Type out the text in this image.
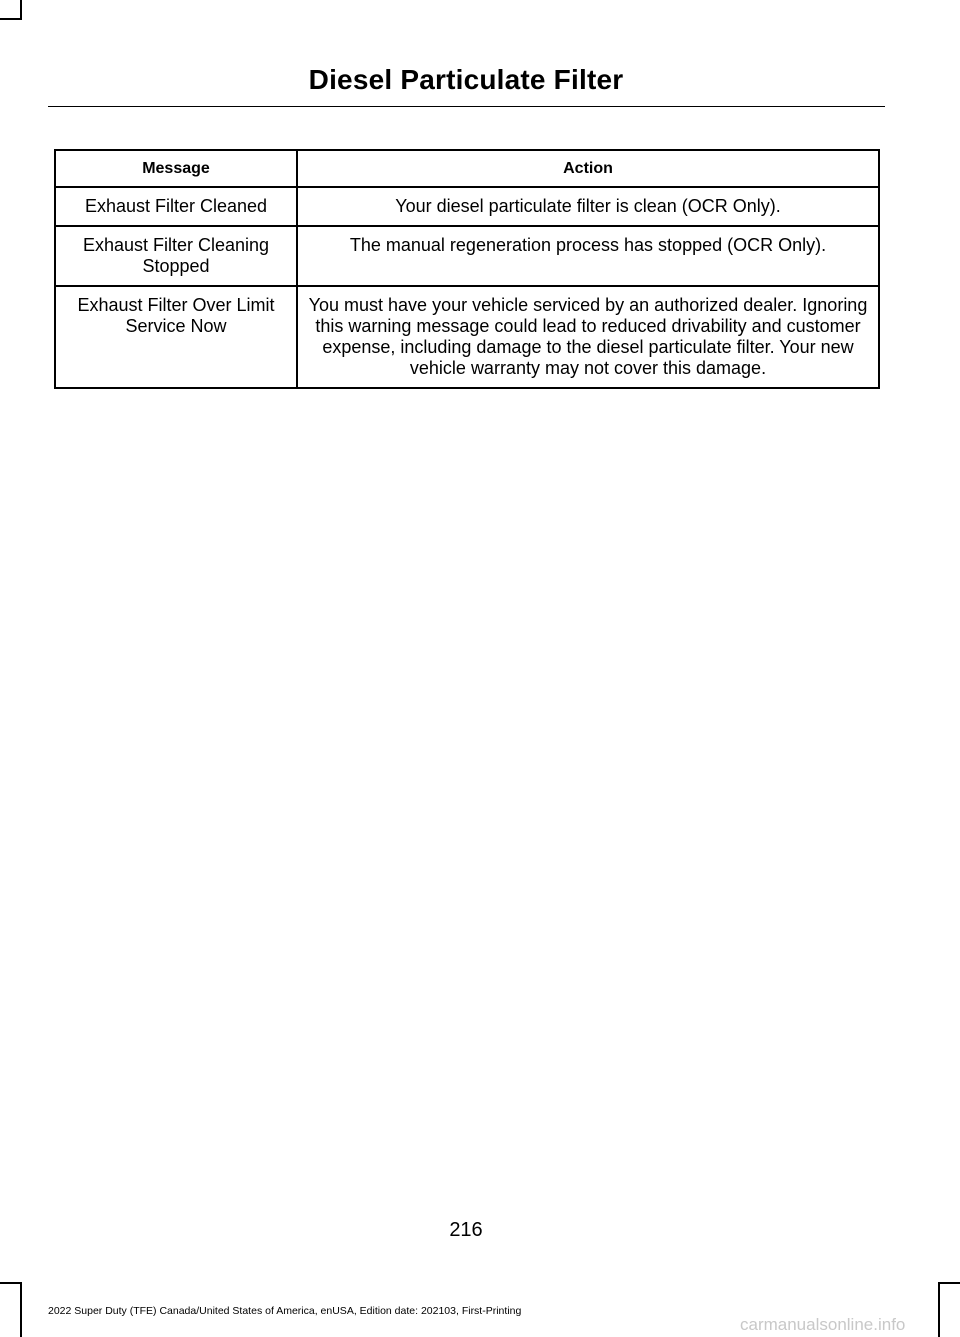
Diesel Particulate Filter
Message	Action
Exhaust Filter Cleaned	Your diesel particulate filter is clean (OCR Only).
Exhaust Filter Cleaning Stopped	The manual regeneration process has stopped (OCR Only).
Exhaust Filter Over Limit Service Now	You must have your vehicle serviced by an authorized dealer. Ignoring this warning message could lead to reduced drivability and customer expense, including damage to the diesel particulate filter. Your new vehicle warranty may not cover this damage.
216
2022 Super Duty (TFE) Canada/United States of America, enUSA, Edition date: 202103, First-Printing
carmanualsonline.info
